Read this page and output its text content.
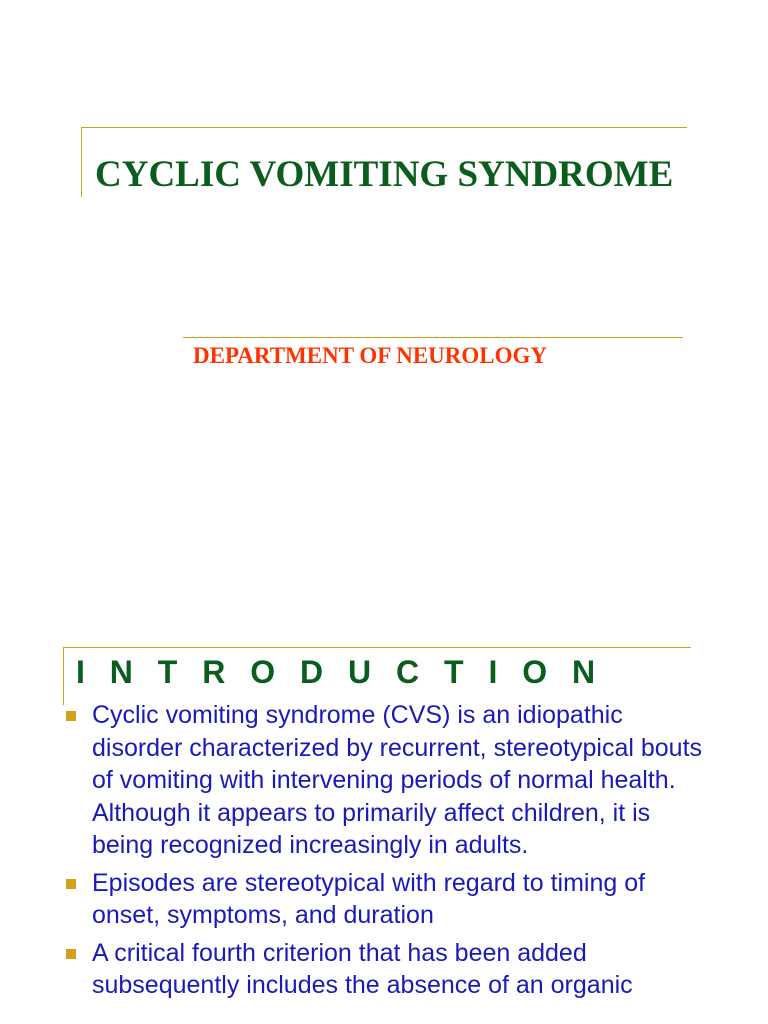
CYCLIC VOMITING SYNDROME
DEPARTMENT OF NEUROLOGY
I N T R O D U C T I O N
Cyclic vomiting syndrome (CVS) is an idiopathic disorder characterized by recurrent, stereotypical bouts of vomiting with intervening periods of normal health. Although it appears to primarily affect children, it is being recognized increasingly in adults.
Episodes are stereotypical with regard to timing of onset, symptoms, and duration
A critical fourth criterion that has been added subsequently includes the absence of an organic
